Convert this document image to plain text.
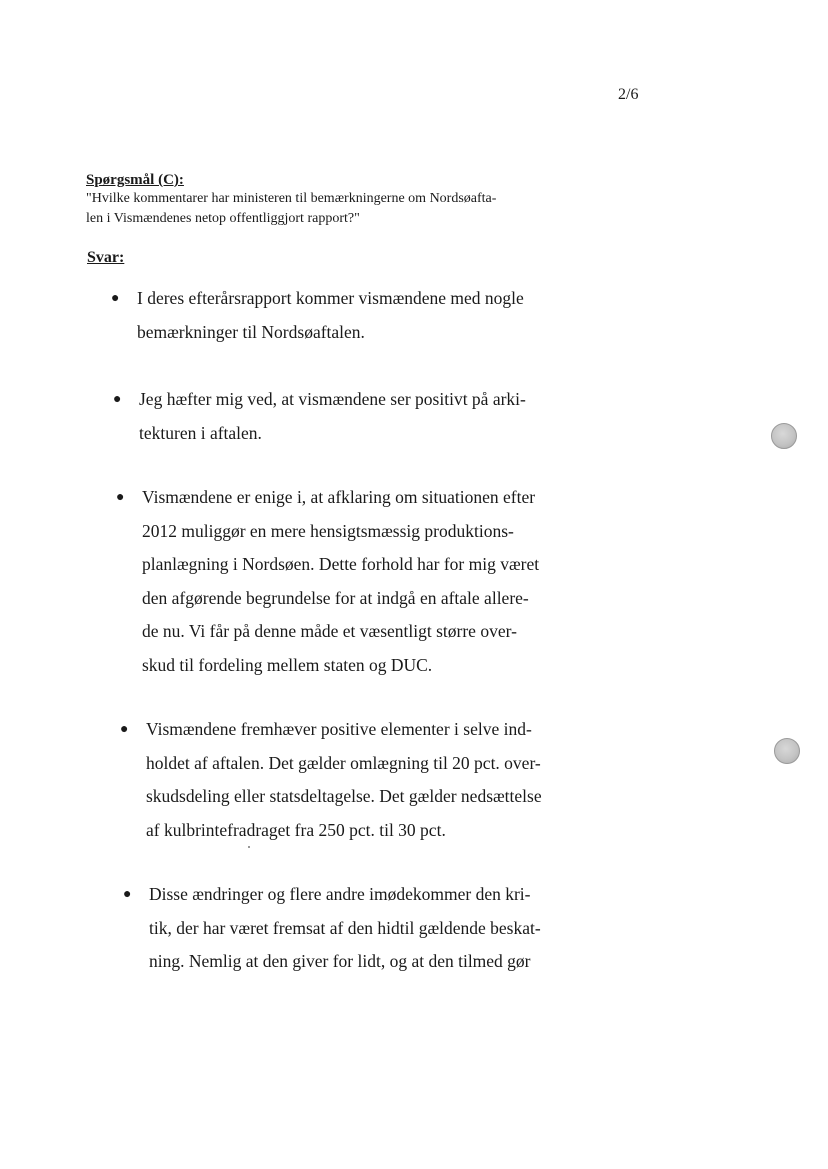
2/6
Spørgsmål (C):
"Hvilke kommentarer har ministeren til bemærkningerne om Nordsøafta-
len i Vismændenes netop offentliggjort rapport?"
Svar:
● I deres efterårsrapport kommer vismændene med nogle
bemærkninger til Nordsøaftalen.
● Jeg hæfter mig ved, at vismændene ser positivt på arki-
tekturen i aftalen.
● Vismændene er enige i, at afklaring om situationen efter
2012 muliggør en mere hensigtsmæssig produktions-
planlægning i Nordsøen. Dette forhold har for mig været
den afgørende begrundelse for at indgå en aftale allere-
de nu. Vi får på denne måde et væsentligt større over-
skud til fordeling mellem staten og DUC.
● Vismændene fremhæver positive elementer i selve ind-
holdet af aftalen. Det gælder omlægning til 20 pct. over-
skudsdeling eller statsdeltagelse. Det gælder nedsættelse
af kulbrintefradraget fra 250 pct. til 30 pct.
● Disse ændringer og flere andre imødekommer den kri-
tik, der har været fremsat af den hidtil gældende beskat-
ning. Nemlig at den giver for lidt, og at den tilmed gør
